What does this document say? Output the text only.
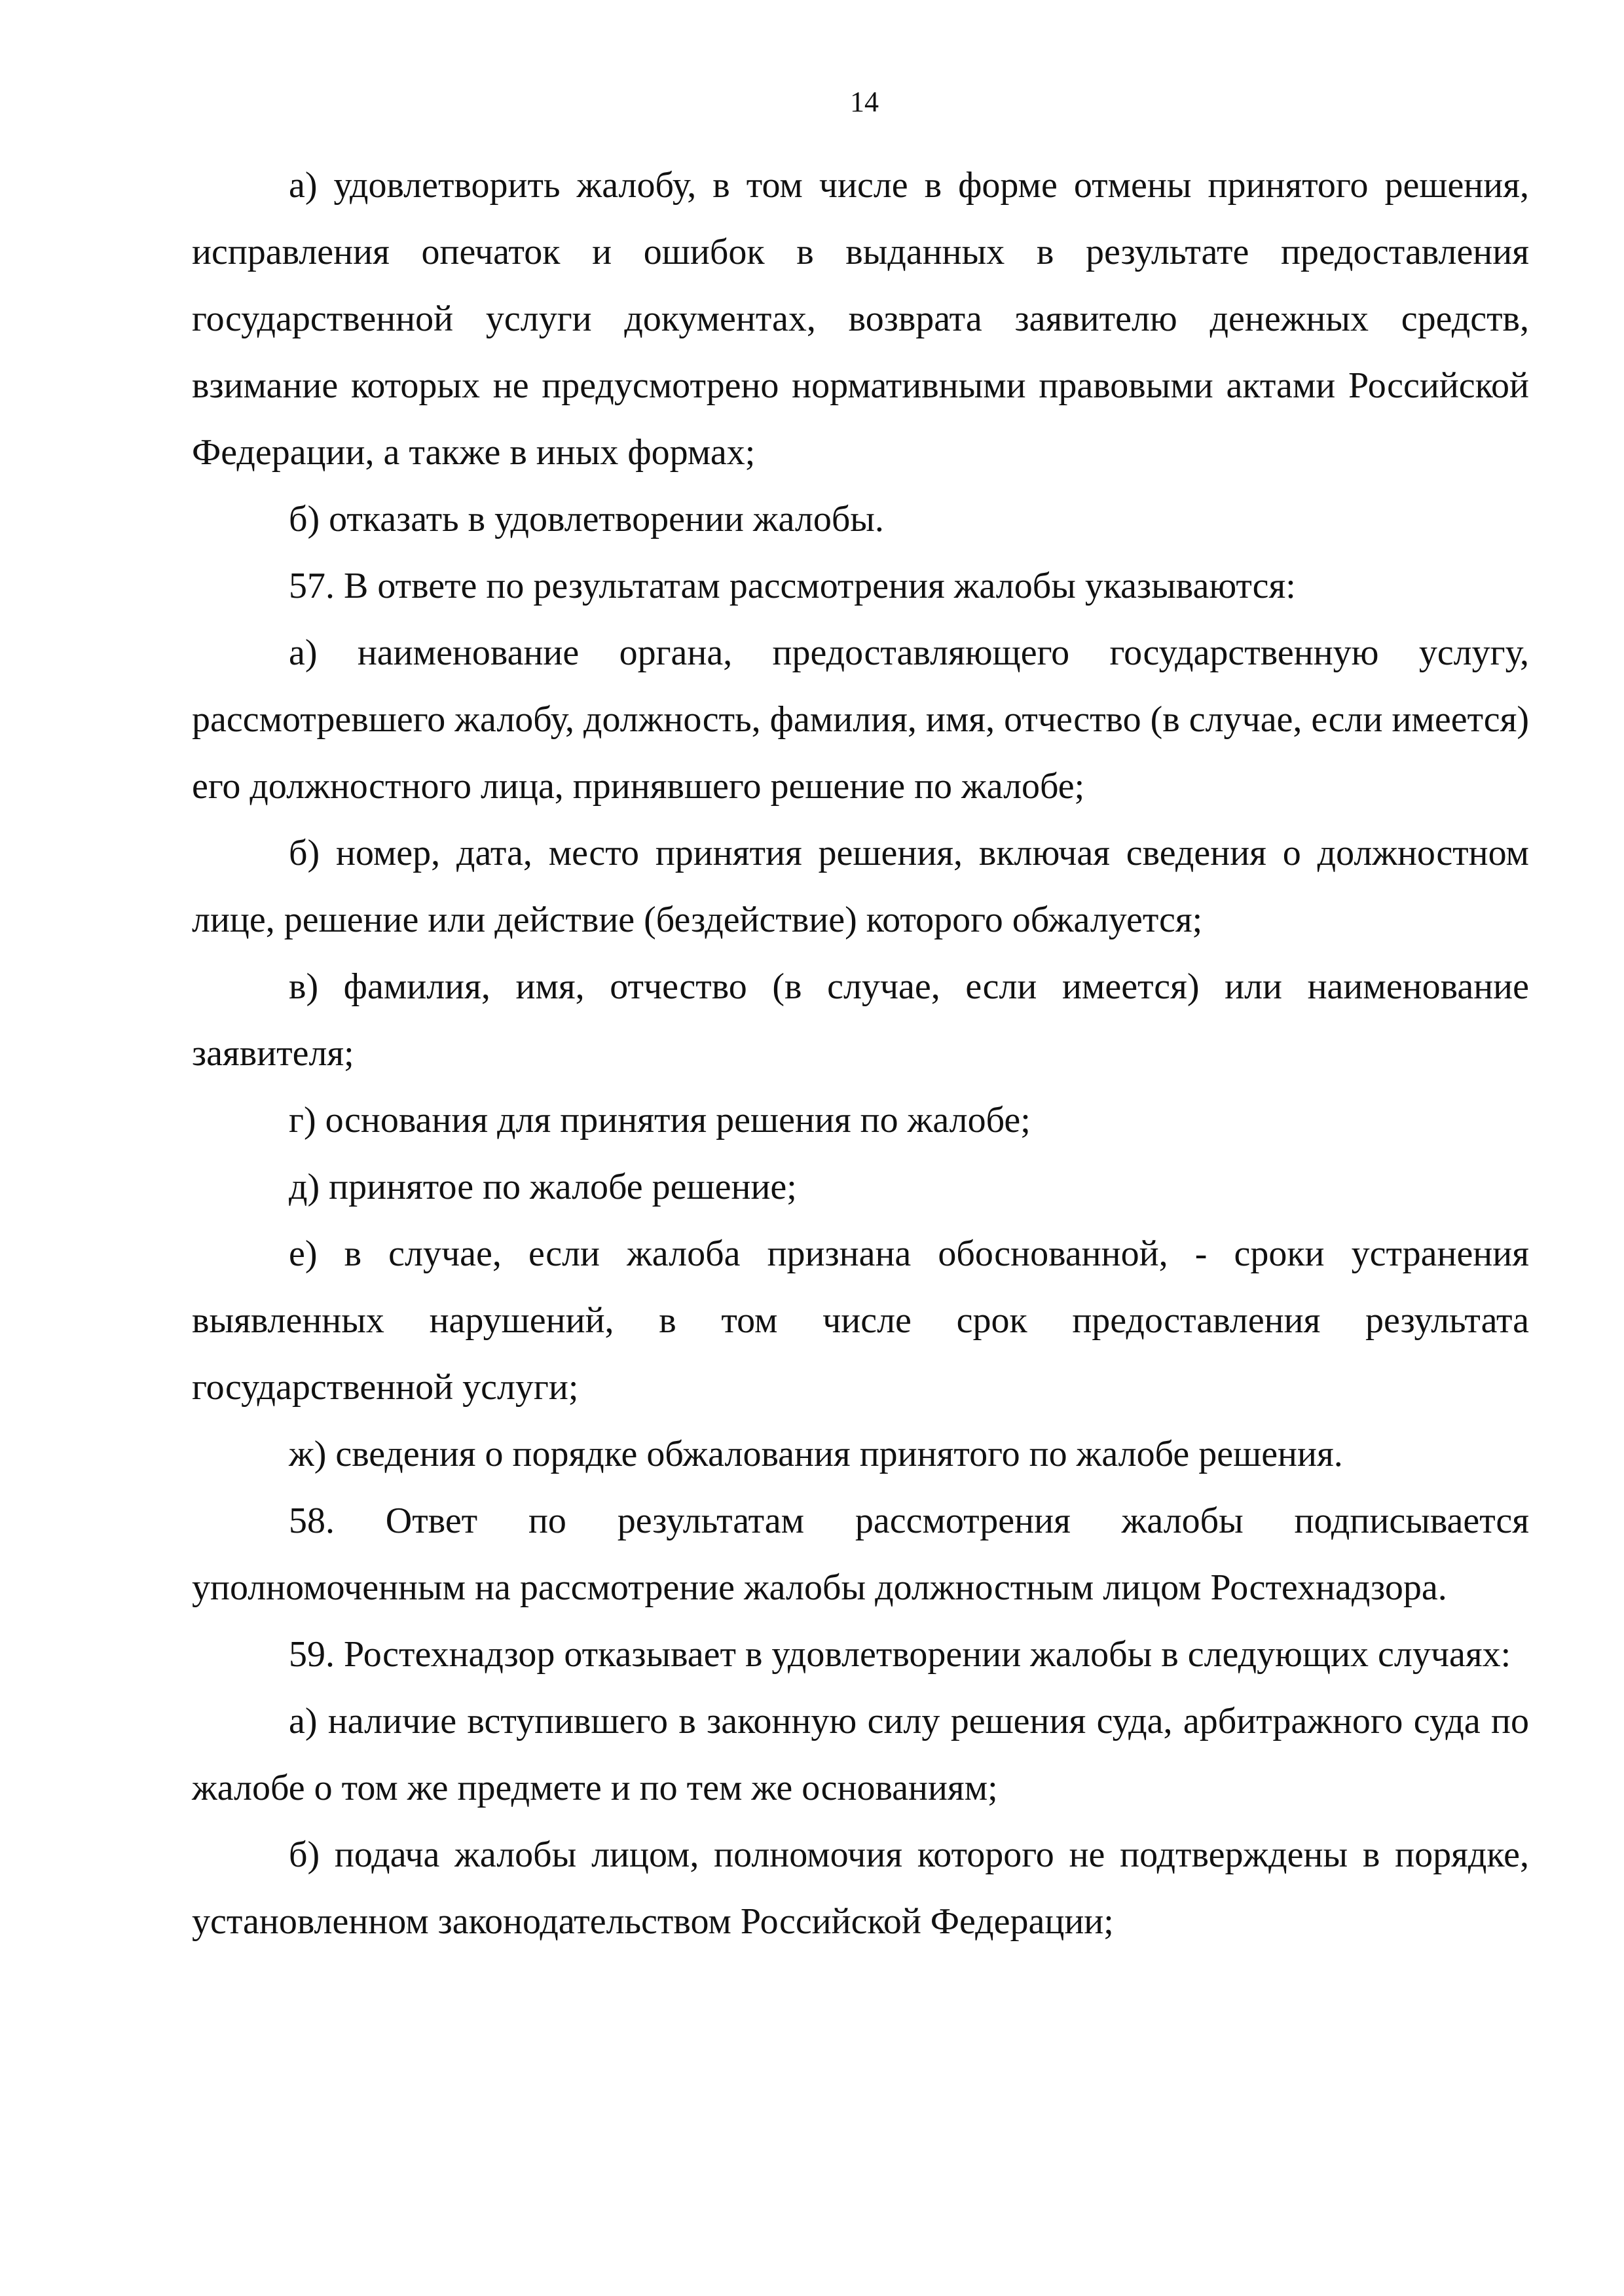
14

а) удовлетворить жалобу, в том числе в форме отмены принятого решения, исправления опечаток и ошибок в выданных в результате предоставления государственной услуги документах, возврата заявителю денежных средств, взимание которых не предусмотрено нормативными правовыми актами Российской Федерации, а также в иных формах;

б) отказать в удовлетворении жалобы.

57. В ответе по результатам рассмотрения жалобы указываются:

а) наименование органа, предоставляющего государственную услугу, рассмотревшего жалобу, должность, фамилия, имя, отчество (в случае, если имеется) его должностного лица, принявшего решение по жалобе;

б) номер, дата, место принятия решения, включая сведения о должностном лице, решение или действие (бездействие) которого обжалуется;

в) фамилия, имя, отчество (в случае, если имеется) или наименование заявителя;

г) основания для принятия решения по жалобе;

д) принятое по жалобе решение;

е) в случае, если жалоба признана обоснованной, - сроки устранения выявленных нарушений, в том числе срок предоставления результата государственной услуги;

ж) сведения о порядке обжалования принятого по жалобе решения.

58. Ответ по результатам рассмотрения жалобы подписывается уполномоченным на рассмотрение жалобы должностным лицом Ростехнадзора.

59. Ростехнадзор отказывает в удовлетворении жалобы в следующих случаях:

а) наличие вступившего в законную силу решения суда, арбитражного суда по жалобе о том же предмете и по тем же основаниям;

б) подача жалобы лицом, полномочия которого не подтверждены в порядке, установленном законодательством Российской Федерации;
